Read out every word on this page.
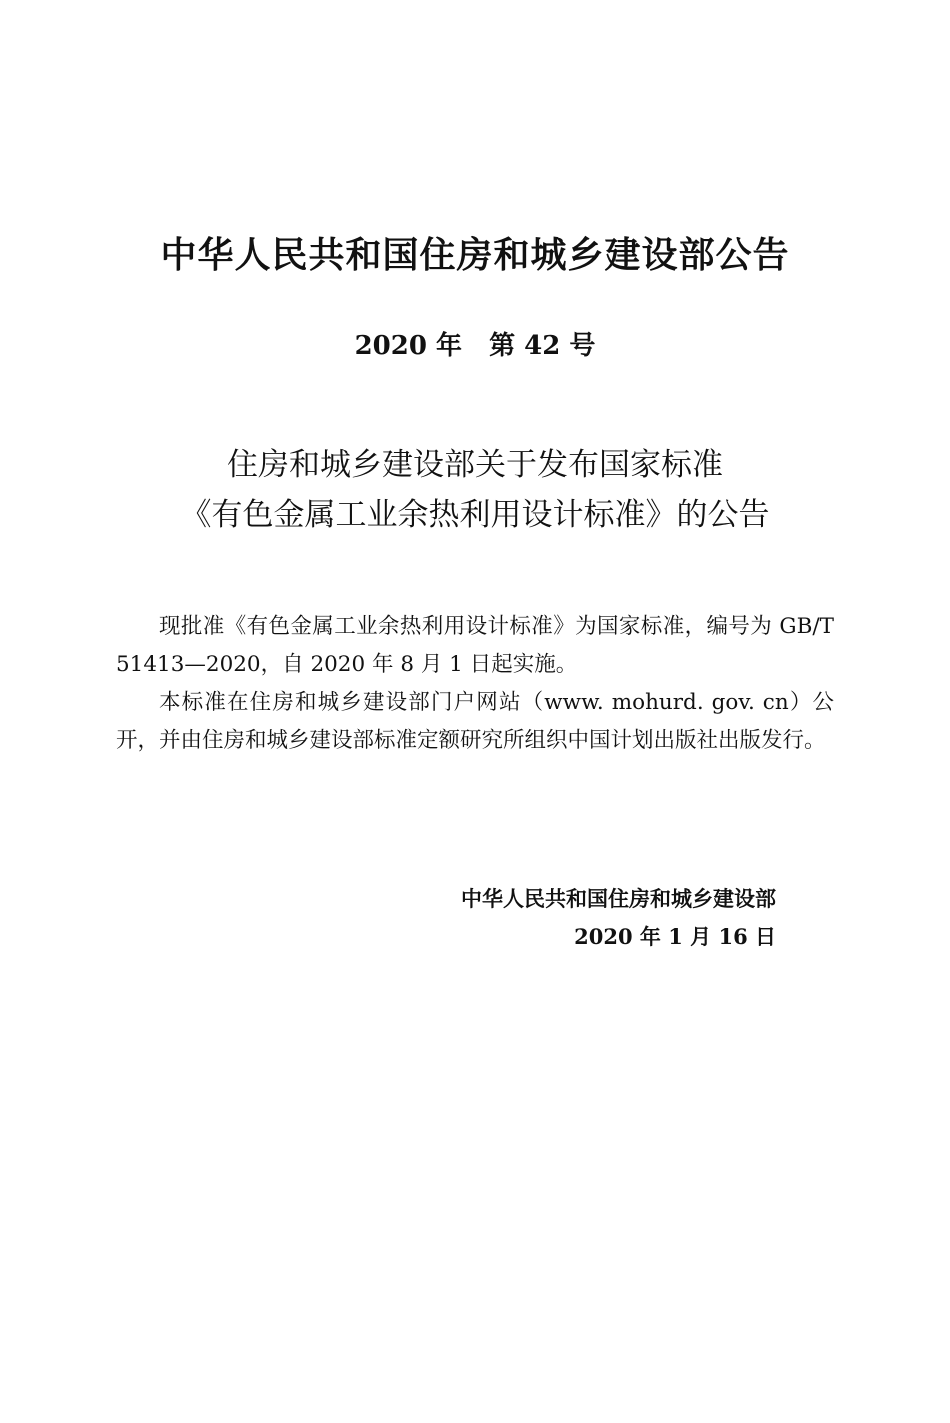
中华人民共和国住房和城乡建设部公告
2020 年   第 42 号
住房和城乡建设部关于发布国家标准
《有色金属工业余热利用设计标准》的公告

现批准《有色金属工业余热利用设计标准》为国家标准，编号为 GB/T 51413—2020，自 2020 年 8 月 1 日起实施。

本标准在住房和城乡建设部门户网站（www. mohurd. gov. cn）公开，并由住房和城乡建设部标准定额研究所组织中国计划出版社出版发行。

中华人民共和国住房和城乡建设部
2020 年 1 月 16 日
